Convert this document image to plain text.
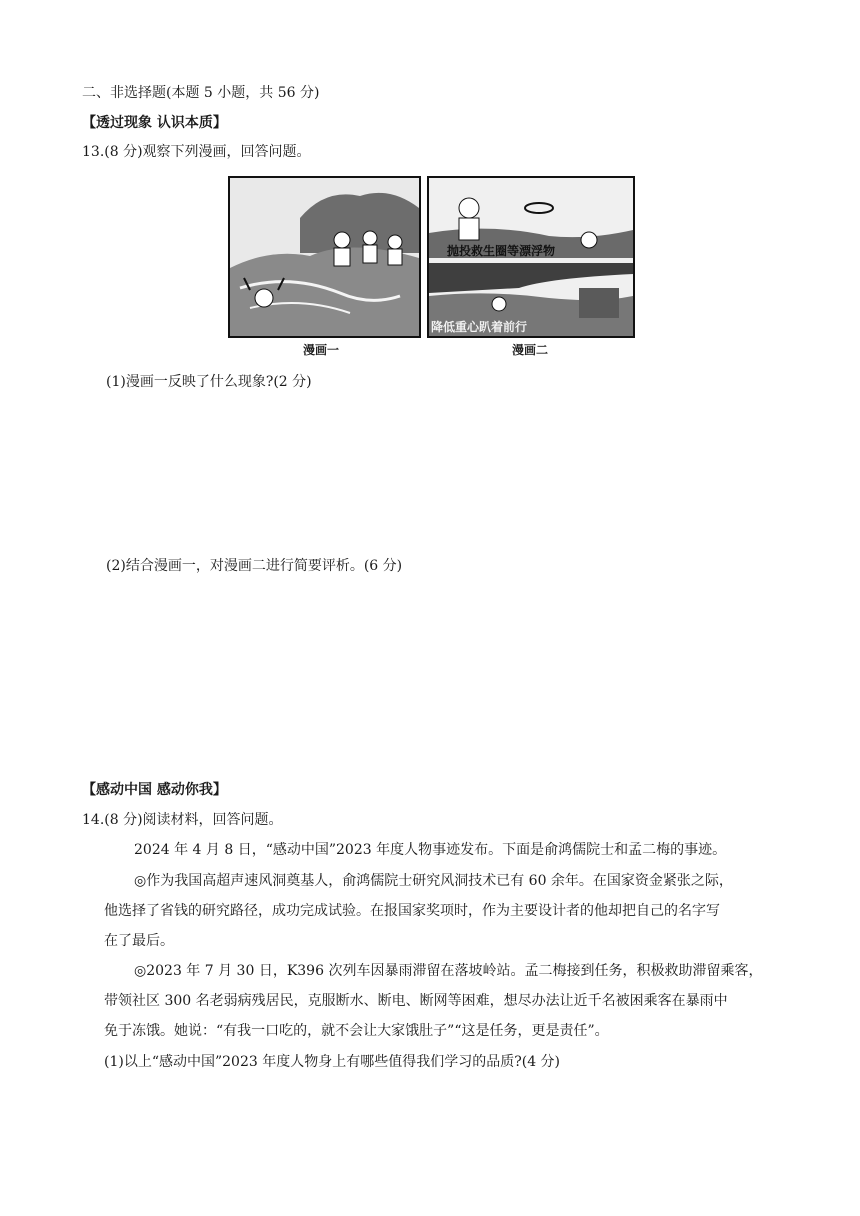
二、非选择题(本题 5 小题，共 56 分)
【透过现象 认识本质】
13.(8 分)观察下列漫画，回答问题。
抛投救生圈等漂浮物
降低重心趴着前行
漫画一	漫画二
(1)漫画一反映了什么现象?(2 分)
(2)结合漫画一，对漫画二进行简要评析。(6 分)
【感动中国 感动你我】
14.(8 分)阅读材料，回答问题。
2024 年 4 月 8 日，“感动中国”2023 年度人物事迹发布。下面是俞鸿儒院士和孟二梅的事迹。
◎作为我国高超声速风洞奠基人，俞鸿儒院士研究风洞技术已有 60 余年。在国家资金紧张之际，
他选择了省钱的研究路径，成功完成试验。在报国家奖项时，作为主要设计者的他却把自己的名字写
在了最后。
◎2023 年 7 月 30 日，K396 次列车因暴雨滞留在落坡岭站。孟二梅接到任务，积极救助滞留乘客，
带领社区 300 名老弱病残居民，克服断水、断电、断网等困难，想尽办法让近千名被困乘客在暴雨中
免于冻饿。她说：“有我一口吃的，就不会让大家饿肚子”“这是任务，更是责任”。
(1)以上“感动中国”2023 年度人物身上有哪些值得我们学习的品质?(4 分)
